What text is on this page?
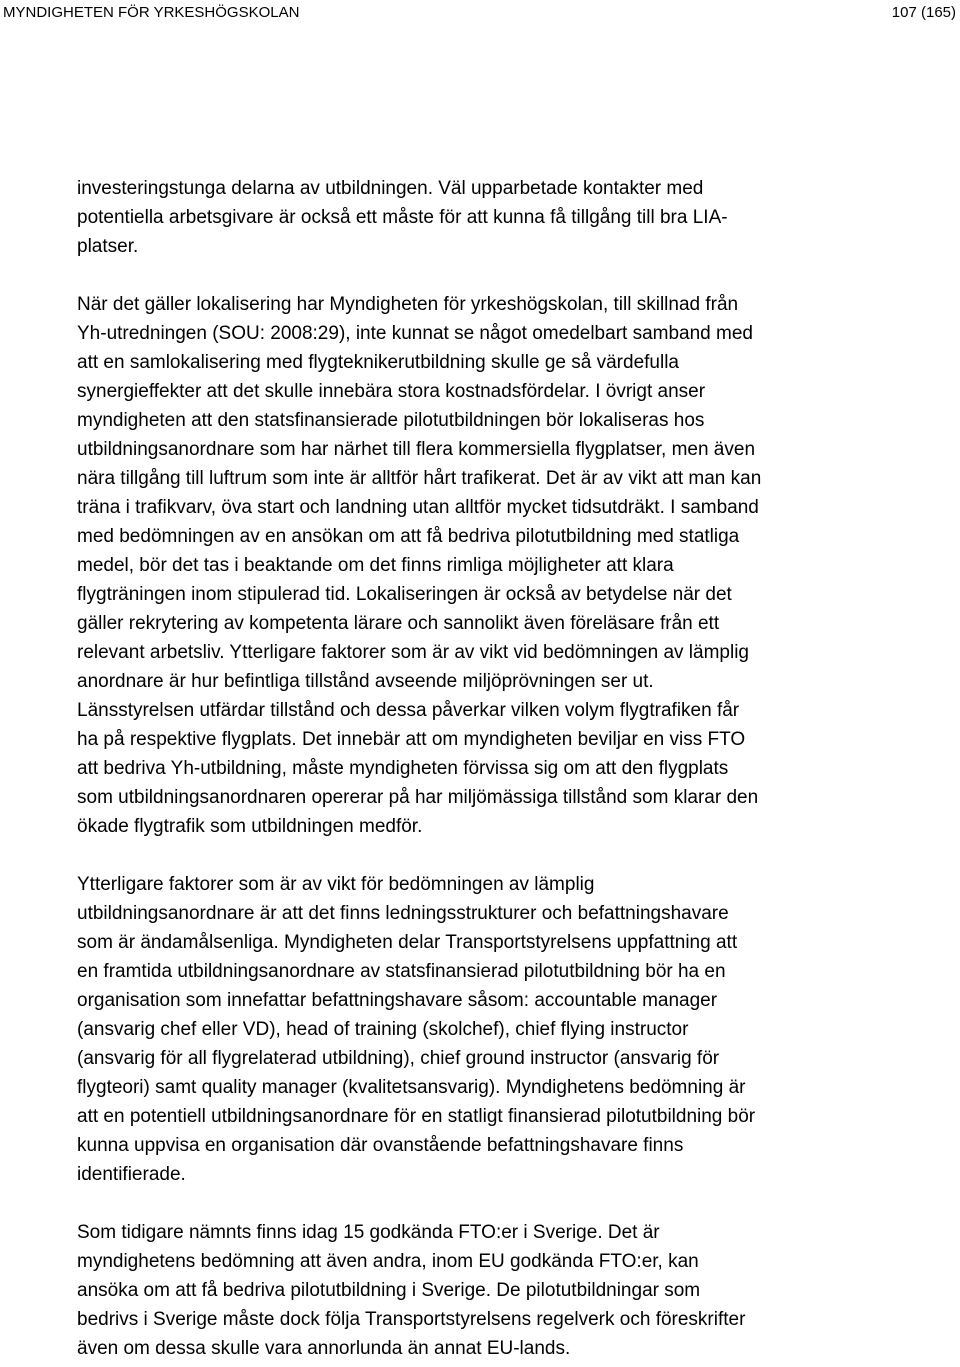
MYNDIGHETEN FÖR YRKESHÖGSKOLAN	107 (165)

investeringstunga delarna av utbildningen. Väl upparbetade kontakter med
potentiella arbetsgivare är också ett måste för att kunna få tillgång till bra LIA-
platser.

När det gäller lokalisering har Myndigheten för yrkeshögskolan, till skillnad från
Yh-utredningen (SOU: 2008:29), inte kunnat se något omedelbart samband med
att en samlokalisering med flygteknikerutbildning skulle ge så värdefulla
synergieffekter att det skulle innebära stora kostnadsfördelar. I övrigt anser
myndigheten att den statsfinansierade pilotutbildningen bör lokaliseras hos
utbildningsanordnare som har närhet till flera kommersiella flygplatser, men även
nära tillgång till luftrum som inte är alltför hårt trafikerat. Det är av vikt att man kan
träna i trafikvarv, öva start och landning utan alltför mycket tidsutdräkt. I samband
med bedömningen av en ansökan om att få bedriva pilotutbildning med statliga
medel, bör det tas i beaktande om det finns rimliga möjligheter att klara
flygträningen inom stipulerad tid. Lokaliseringen är också av betydelse när det
gäller rekrytering av kompetenta lärare och sannolikt även föreläsare från ett
relevant arbetsliv. Ytterligare faktorer som är av vikt vid bedömningen av lämplig
anordnare är hur befintliga tillstånd avseende miljöprövningen ser ut.
Länsstyrelsen utfärdar tillstånd och dessa påverkar vilken volym flygtrafiken får
ha på respektive flygplats. Det innebär att om myndigheten beviljar en viss FTO
att bedriva Yh-utbildning, måste myndigheten förvissa sig om att den flygplats
som utbildningsanordnaren opererar på har miljömässiga tillstånd som klarar den
ökade flygtrafik som utbildningen medför.

Ytterligare faktorer som är av vikt för bedömningen av lämplig
utbildningsanordnare är att det finns ledningsstrukturer och befattningshavare
som är ändamålsenliga. Myndigheten delar Transportstyrelsens uppfattning att
en framtida utbildningsanordnare av statsfinansierad pilotutbildning bör ha en
organisation som innefattar befattningshavare såsom: accountable manager
(ansvarig chef eller VD), head of training (skolchef), chief flying instructor
(ansvarig för all flygrelaterad utbildning), chief ground instructor (ansvarig för
flygteori) samt quality manager (kvalitetsansvarig). Myndighetens bedömning är
att en potentiell utbildningsanordnare för en statligt finansierad pilotutbildning bör
kunna uppvisa en organisation där ovanstående befattningshavare finns
identifierade.

Som tidigare nämnts finns idag 15 godkända FTO:er i Sverige. Det är
myndighetens bedömning att även andra, inom EU godkända FTO:er, kan
ansöka om att få bedriva pilotutbildning i Sverige. De pilotutbildningar som
bedrivs i Sverige måste dock följa Transportstyrelsens regelverk och föreskrifter
även om dessa skulle vara annorlunda än annat EU-lands.
